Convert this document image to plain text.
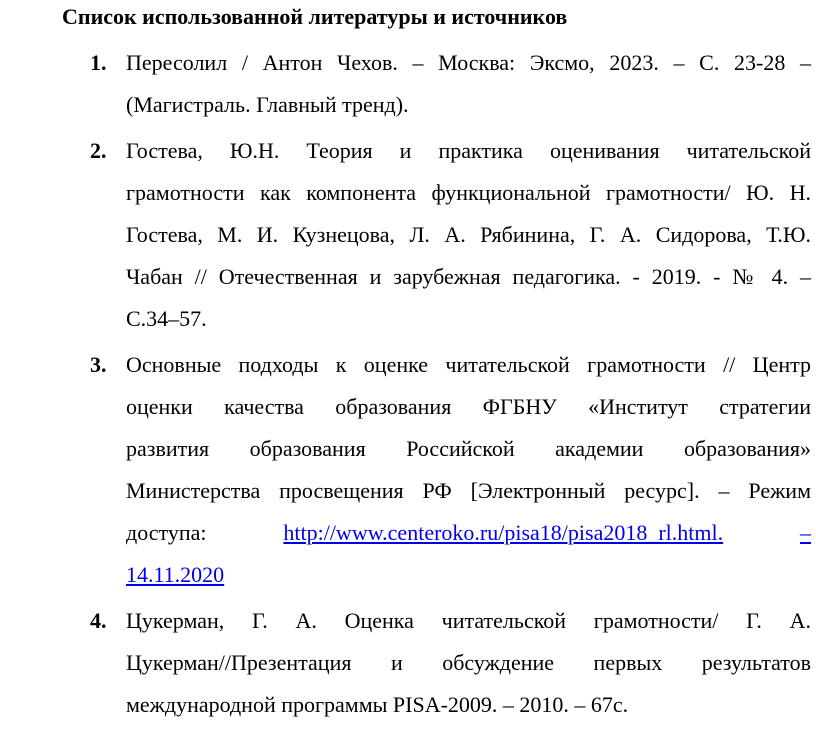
Список использованной литературы и источников
1. Пересолил / Антон Чехов. – Москва: Эксмо, 2023. – С. 23-28 –
(Магистраль. Главный тренд).
2. Гостева, Ю.Н. Теория и практика оценивания читательской
грамотности как компонента функциональной грамотности/ Ю. Н.
Гостева, М. И. Кузнецова, Л. А. Рябинина, Г. А. Сидорова, Т.Ю.
Чабан // Отечественная и зарубежная педагогика. - 2019. - № 4. –
С.34–57.
3. Основные подходы к оценке читательской грамотности // Центр
оценки качества образования ФГБНУ «Институт стратегии
развития образования Российской академии образования»
Министерства просвещения РФ [Электронный ресурс]. – Режим
доступа:	http://www.centeroko.ru/pisa18/pisa2018_rl.html.	–
14.11.2020
4. Цукерман, Г. А. Оценка читательской грамотности/ Г. А.
Цукерман//Презентация и обсуждение первых результатов
международной программы PISA-2009. – 2010. – 67с.
